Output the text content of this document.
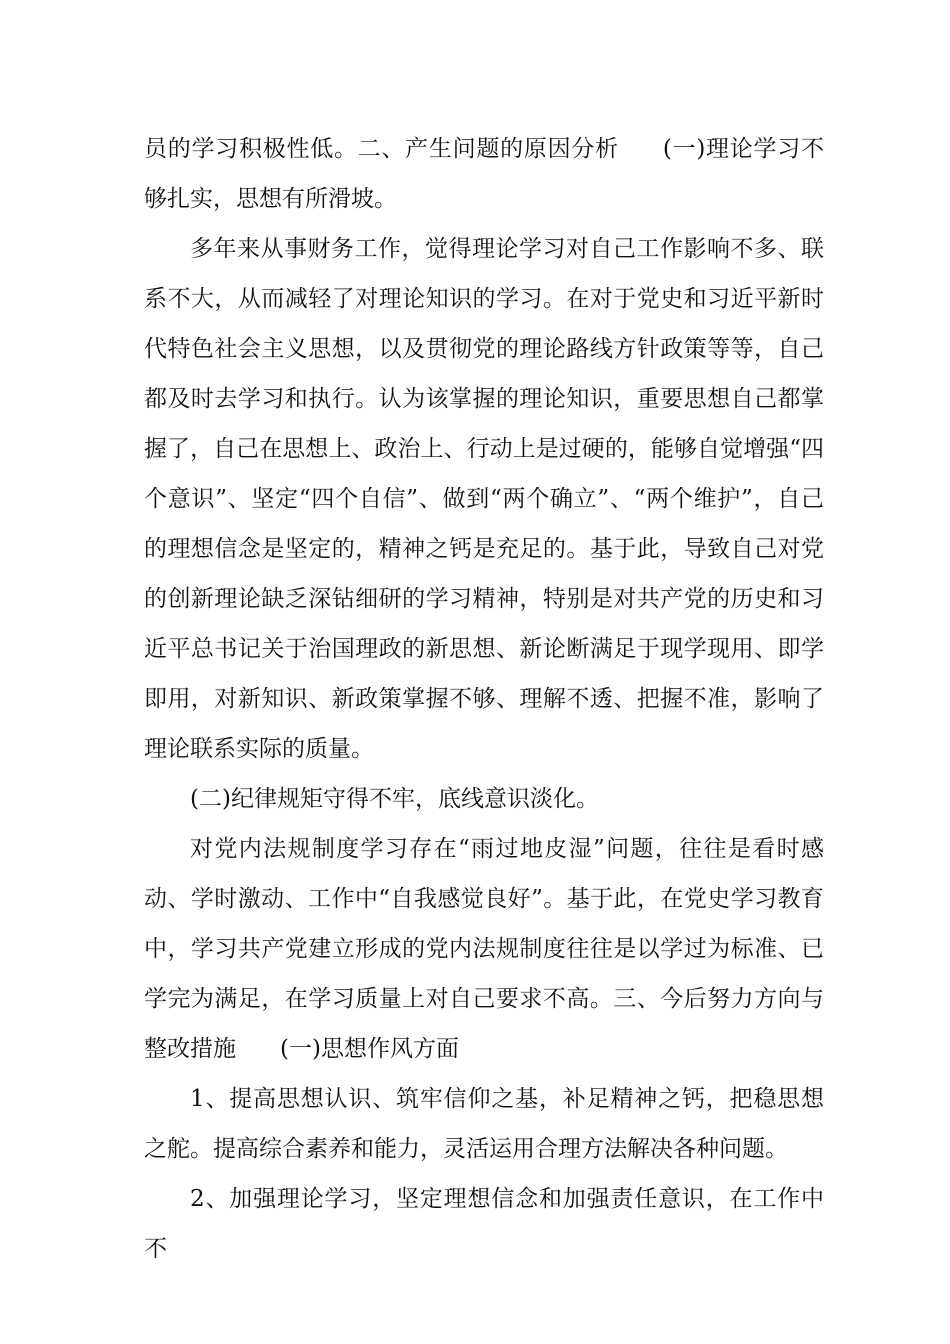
员的学习积极性低。二、产生问题的原因分析 (一)理论学习不够扎实，思想有所滑坡。

多年来从事财务工作，觉得理论学习对自己工作影响不多、联系不大，从而减轻了对理论知识的学习。在对于党史和习近平新时代特色社会主义思想，以及贯彻党的理论路线方针政策等等，自己都及时去学习和执行。认为该掌握的理论知识，重要思想自己都掌握了，自己在思想上、政治上、行动上是过硬的，能够自觉增强“四个意识”、坚定“四个自信”、做到“两个确立”、“两个维护”，自己的理想信念是坚定的，精神之钙是充足的。基于此，导致自己对党的创新理论缺乏深钻细研的学习精神，特别是对共产党的历史和习近平总书记关于治国理政的新思想、新论断满足于现学现用、即学即用，对新知识、新政策掌握不够、理解不透、把握不准，影响了理论联系实际的质量。

(二)纪律规矩守得不牢，底线意识淡化。

对党内法规制度学习存在“雨过地皮湿”问题，往往是看时感动、学时激动、工作中“自我感觉良好”。基于此，在党史学习教育中，学习共产党建立形成的党内法规制度往往是以学过为标准、已学完为满足，在学习质量上对自己要求不高。三、今后努力方向与整改措施 (一)思想作风方面

1、提高思想认识、筑牢信仰之基，补足精神之钙，把稳思想之舵。提高综合素养和能力，灵活运用合理方法解决各种问题。

2、加强理论学习，坚定理想信念和加强责任意识，在工作中不
